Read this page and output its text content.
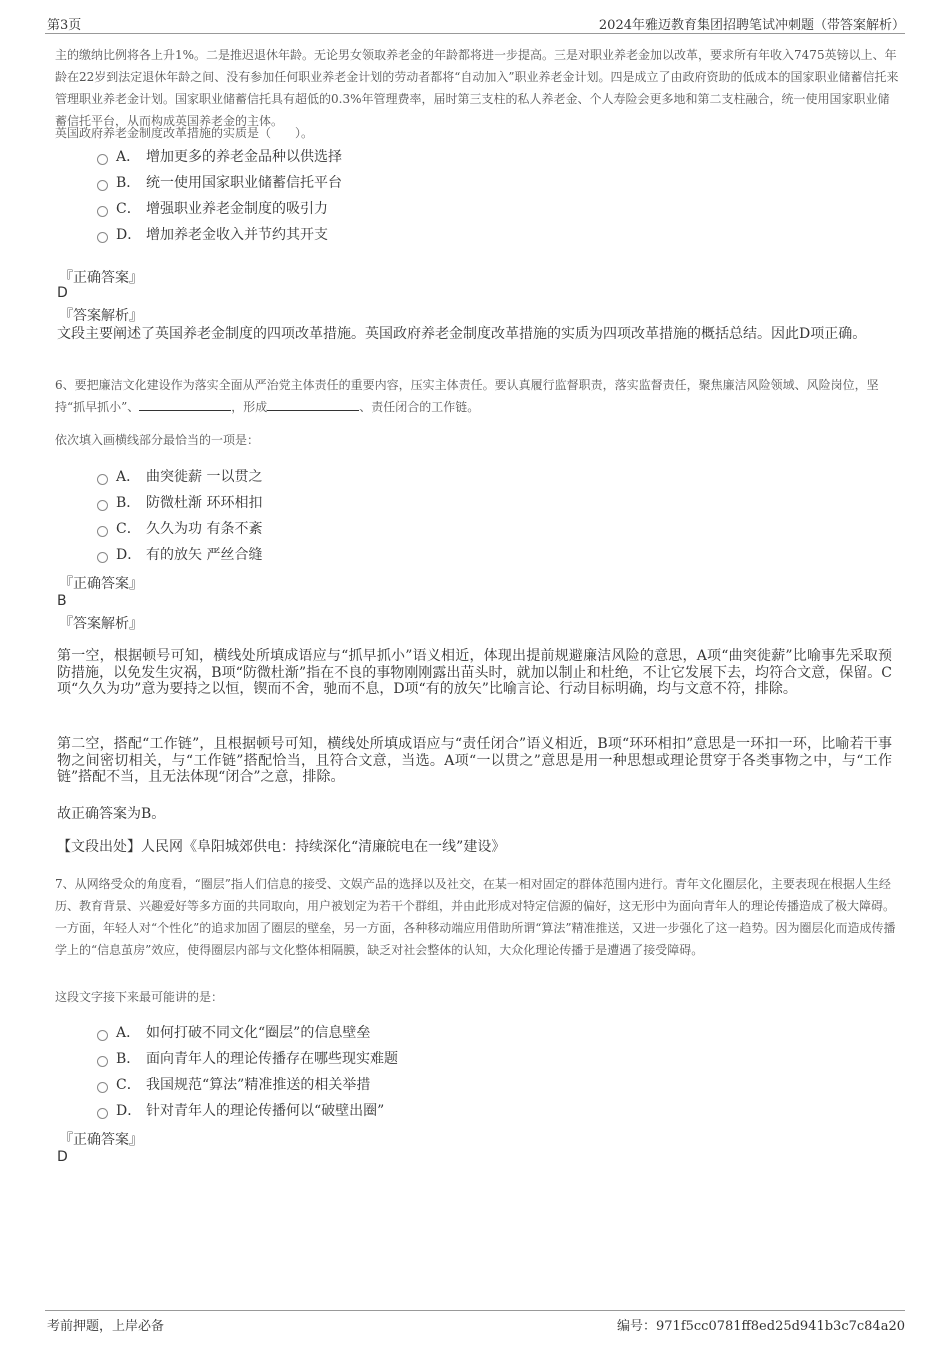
第3页	2024年雅迈教育集团招聘笔试冲刺题（带答案解析）

主的缴纳比例将各上升1%。二是推迟退休年龄。无论男女领取养老金的年龄都将进一步提高。三是对职业养老金加以改革，要求所有年收入7475英镑以上、年龄在22岁到法定退休年龄之间、没有参加任何职业养老金计划的劳动者都将“自动加入”职业养老金计划。四是成立了由政府资助的低成本的国家职业储蓄信托来管理职业养老金计划。国家职业储蓄信托具有超低的0.3%年管理费率，届时第三支柱的私人养老金、个人寿险会更多地和第二支柱融合，统一使用国家职业储蓄信托平台，从而构成英国养老金的主体。

英国政府养老金制度改革措施的实质是（　　）。

A． 增加更多的养老金品种以供选择
B． 统一使用国家职业储蓄信托平台
C． 增强职业养老金制度的吸引力
D． 增加养老金收入并节约其开支
『正确答案』
D
『答案解析』

文段主要阐述了英国养老金制度的四项改革措施。英国政府养老金制度改革措施的实质为四项改革措施的概括总结。因此D项正确。

6、要把廉洁文化建设作为落实全面从严治党主体责任的重要内容，压实主体责任。要认真履行监督职责，落实监督责任，聚焦廉洁风险领域、风险岗位，坚持“抓早抓小”、	，形成	、责任闭合的工作链。

依次填入画横线部分最恰当的一项是：

A． 曲突徙薪 一以贯之
B． 防微杜渐 环环相扣
C． 久久为功 有条不紊
D． 有的放矢 严丝合缝
『正确答案』
B
『答案解析』

第一空，根据顿号可知，横线处所填成语应与“抓早抓小”语义相近，体现出提前规避廉洁风险的意思，A项“曲突徙薪”比喻事先采取预防措施，以免发生灾祸，B项“防微杜渐”指在不良的事物刚刚露出苗头时，就加以制止和杜绝，不让它发展下去，均符合文意，保留。C项“久久为功”意为要持之以恒，锲而不舍，驰而不息，D项“有的放矢”比喻言论、行动目标明确，均与文意不符，排除。

第二空，搭配“工作链”，且根据顿号可知，横线处所填成语应与“责任闭合”语义相近，B项“环环相扣”意思是一环扣一环，比喻若干事物之间密切相关，与“工作链”搭配恰当，且符合文意，当选。A项“一以贯之”意思是用一种思想或理论贯穿于各类事物之中，与“工作链”搭配不当，且无法体现“闭合”之意，排除。

故正确答案为B。

【文段出处】人民网《阜阳城郊供电：持续深化“清廉皖电在一线”建设》

7、从网络受众的角度看，“圈层”指人们信息的接受、文娱产品的选择以及社交，在某一相对固定的群体范围内进行。青年文化圈层化，主要表现在根据人生经历、教育背景、兴趣爱好等多方面的共同取向，用户被划定为若干个群组，并由此形成对特定信源的偏好，这无形中为面向青年人的理论传播造成了极大障碍。一方面，年轻人对“个性化”的追求加固了圈层的壁垒，另一方面，各种移动端应用借助所谓“算法”精准推送，又进一步强化了这一趋势。因为圈层化而造成传播学上的“信息茧房”效应，使得圈层内部与文化整体相隔膜，缺乏对社会整体的认知，大众化理论传播于是遭遇了接受障碍。

这段文字接下来最可能讲的是：

A． 如何打破不同文化“圈层”的信息壁垒
B． 面向青年人的理论传播存在哪些现实难题
C． 我国规范“算法”精准推送的相关举措
D． 针对青年人的理论传播何以“破壁出圈”
『正确答案』
D
考前押题，上岸必备	编号：971f5cc0781ff8ed25d941b3c7c84a20
